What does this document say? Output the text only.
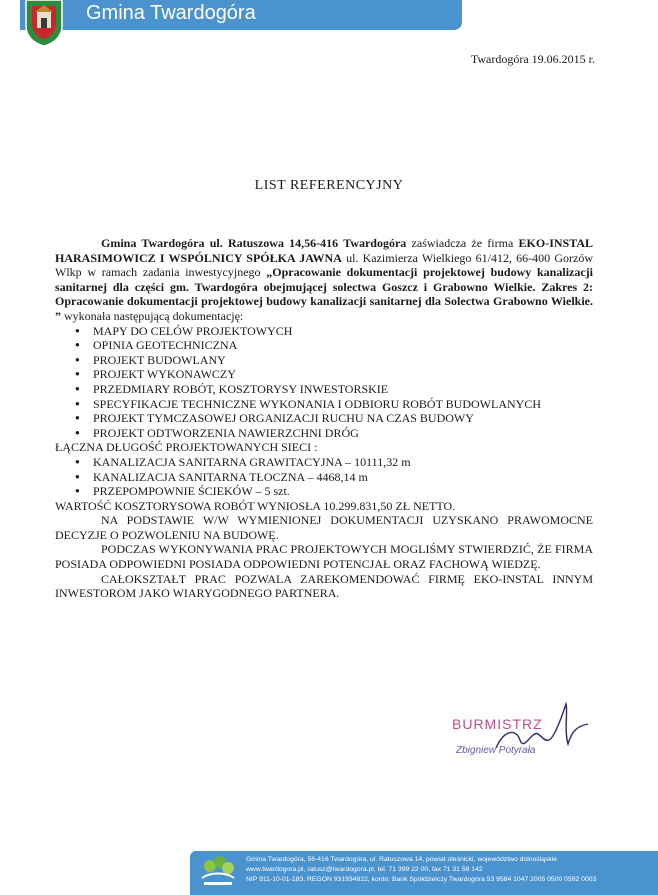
Gmina Twardogóra
Twardogóra 19.06.2015 r.
LIST REFERENCYJNY

Gmina Twardogóra ul. Ratuszowa 14,56-416 Twardogóra zaświadcza że firma EKO-INSTAL HARASIMOWICZ I WSPÓLNICY SPÓŁKA JAWNA ul. Kazimierza Wielkiego 61/412, 66-400 Gorzów Wlkp w ramach zadania inwestycyjnego „Opracowanie dokumentacji projektowej budowy kanalizacji sanitarnej dla części gm. Twardogóra obejmującej solectwa Goszcz i Grabowno Wielkie. Zakres 2: Opracowanie dokumentacji projektowej budowy kanalizacji sanitarnej dla Solectwa Grabowno Wielkie. ” wykonała następującą dokumentację:

● MAPY DO CELÓW PROJEKTOWYCH
● OPINIA GEOTECHNICZNA
● PROJEKT BUDOWLANY
● PROJEKT WYKONAWCZY
● PRZEDMIARY ROBÓT, KOSZTORYSY INWESTORSKIE
● SPECYFIKACJE TECHNICZNE WYKONANIA I ODBIORU ROBÓT BUDOWLANYCH
● PROJEKT TYMCZASOWEJ ORGANIZACJI RUCHU NA CZAS BUDOWY
● PROJEKT ODTWORZENIA NAWIERZCHNI DRÓG

ŁĄCZNA DŁUGOŚĆ PROJEKTOWANYCH SIECI :

● KANALIZACJA SANITARNA GRAWITACYJNA – 10111,32 m
● KANALIZACJA SANITARNA TŁOCZNA – 4468,14 m
● PRZEPOMPOWNIE ŚCIEKÓW – 5 szt.

WARTOŚĆ KOSZTORYSOWA ROBÓT WYNIOSŁA 10.299.831,50 ZŁ NETTO.

NA PODSTAWIE W/W WYMIENIONEJ DOKUMENTACJI UZYSKANO PRAWOMOCNE DECYZJE O POZWOLENIU NA BUDOWĘ.

PODCZAS WYKONYWANIA PRAC PROJEKTOWYCH MOGLIŚMY STWIERDZIĆ, ŻE FIRMA POSIADA ODPOWIEDNI POSIADA ODPOWIEDNI POTENCJAŁ ORAZ FACHOWĄ WIEDZĘ.

CAŁOKSZTAŁT PRAC POZWALA ZAREKOMENDOWAĆ FIRMĘ EKO-INSTAL INNYM INWESTOROM JAKO WIARYGODNEGO PARTNERA.

BURMISTRZ
Zbigniew Potyrała
Gmina Twardogóra, 56-416 Twardogóra, ul. Ratuszowa 14, powiat oleśnicki, województwo dolnośląskie
www.twardogora.pl, ratusz@twardogora.pl, tel. 71 399 22 00, fax 71 31 58 142
NIP 911-10-01-183, REGON 931934822, konto: Bank Spółdzielczy Twardogóra 53 9584 1047 2005 0500 0592 0003
